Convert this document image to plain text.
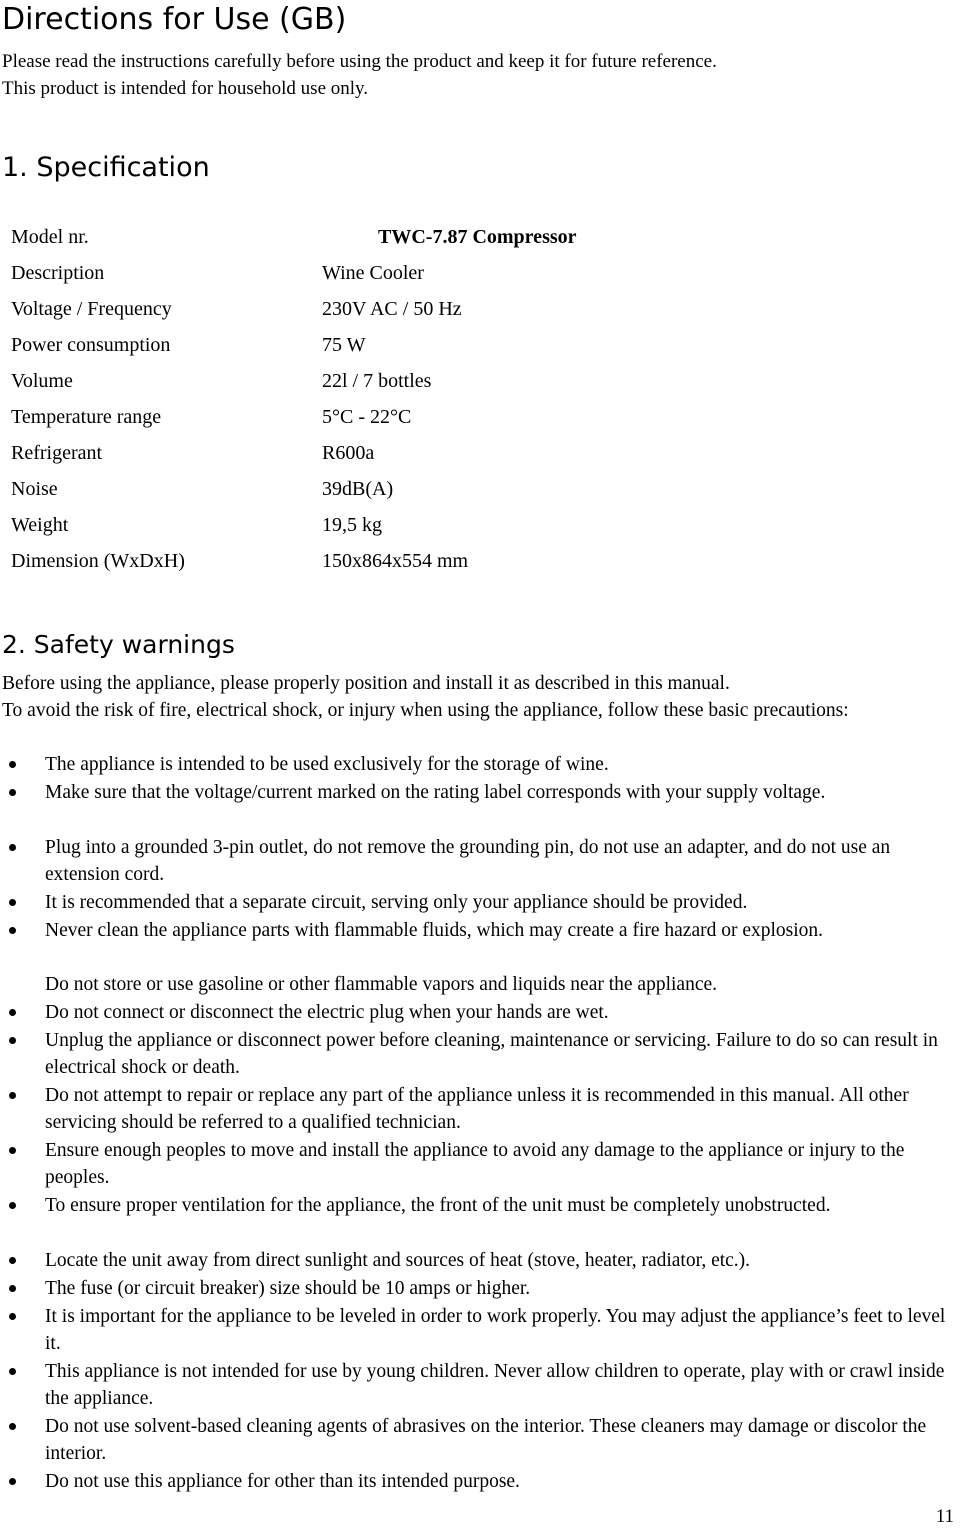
Directions for Use (GB)
Please read the instructions carefully before using the product and keep it for future reference.
This product is intended for household use only.
1. Specification
Model nr.	TWC-7.87 Compressor
Description	Wine Cooler
Voltage / Frequency	230V AC / 50 Hz
Power consumption	75 W
Volume	22l / 7 bottles
Temperature range	5°C - 22°C
Refrigerant	R600a
Noise	39dB(A)
Weight	19,5 kg
Dimension (WxDxH)	150x864x554 mm
2. Safety warnings
Before using the appliance, please properly position and install it as described in this manual.
To avoid the risk of fire, electrical shock, or injury when using the appliance, follow these basic precautions:
The appliance is intended to be used exclusively for the storage of wine.
Make sure that the voltage/current marked on the rating label corresponds with your supply voltage.
Plug into a grounded 3-pin outlet, do not remove the grounding pin, do not use an adapter, and do not use an extension cord.
It is recommended that a separate circuit, serving only your appliance should be provided.
Never clean the appliance parts with flammable fluids, which may create a fire hazard or explosion.
Do not store or use gasoline or other flammable vapors and liquids near the appliance.
Do not connect or disconnect the electric plug when your hands are wet.
Unplug the appliance or disconnect power before cleaning, maintenance or servicing. Failure to do so can result in electrical shock or death.
Do not attempt to repair or replace any part of the appliance unless it is recommended in this manual. All other servicing should be referred to a qualified technician.
Ensure enough peoples to move and install the appliance to avoid any damage to the appliance or injury to the peoples.
To ensure proper ventilation for the appliance, the front of the unit must be completely unobstructed.
Locate the unit away from direct sunlight and sources of heat (stove, heater, radiator, etc.).
The fuse (or circuit breaker) size should be 10 amps or higher.
It is important for the appliance to be leveled in order to work properly. You may adjust the appliance’s feet to level it.
This appliance is not intended for use by young children. Never allow children to operate, play with or crawl inside the appliance.
Do not use solvent-based cleaning agents of abrasives on the interior. These cleaners may damage or discolor the interior.
Do not use this appliance for other than its intended purpose.
11
